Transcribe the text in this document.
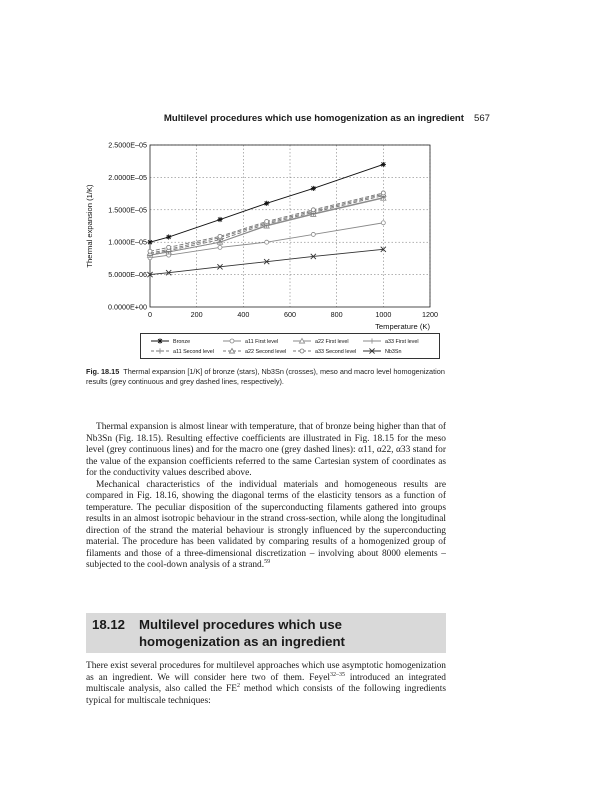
Multilevel procedures which use homogenization as an ingredient 567
0	200	400	600	800	1000	1200
0.0000E+00
5.0000E–06
1.0000E–05
1.5000E–05
2.0000E–05
2.5000E–05
Thermal expansion (1/K)
Temperature (K)
Bronze	a11 First level	a22 First level	a33 First level
a11 Second level	a22 Second level	a33 Second level	Nb3Sn
Fig. 18.15 Thermal expansion [1/K] of bronze (stars), Nb3Sn (crosses), meso and macro level homogenization results (grey continuous and grey dashed lines, respectively).

Thermal expansion is almost linear with temperature, that of bronze being higher than that of Nb3Sn (Fig. 18.15). Resulting effective coefficients are illustrated in Fig. 18.15 for the meso level (grey continuous lines) and for the macro one (grey dashed lines): α11, α22, α33 stand for the value of the expansion coefficients referred to the same Cartesian system of coordinates as for the conductivity values described above.

Mechanical characteristics of the individual materials and homogeneous results are compared in Fig. 18.16, showing the diagonal terms of the elasticity tensors as a function of temperature. The peculiar disposition of the superconducting filaments gathered into groups results in an almost isotropic behaviour in the strand cross-section, while along the longitudinal direction of the strand the material behaviour is strongly influenced by the superconducting material. The procedure has been validated by comparing results of a homogenized group of filaments and those of a three-dimensional discretization – involving about 8000 elements – subjected to the cool-down analysis of a strand.$^{59}$

18.12 Multilevel procedures which use homogenization as an ingredient

There exist several procedures for multilevel approaches which use asymptotic homogenization as an ingredient. We will consider here two of them. Feyel$^{32-35}$ introduced an integrated multiscale analysis, also called the $FE^2$ method which consists of the following ingredients typical for multiscale techniques:
